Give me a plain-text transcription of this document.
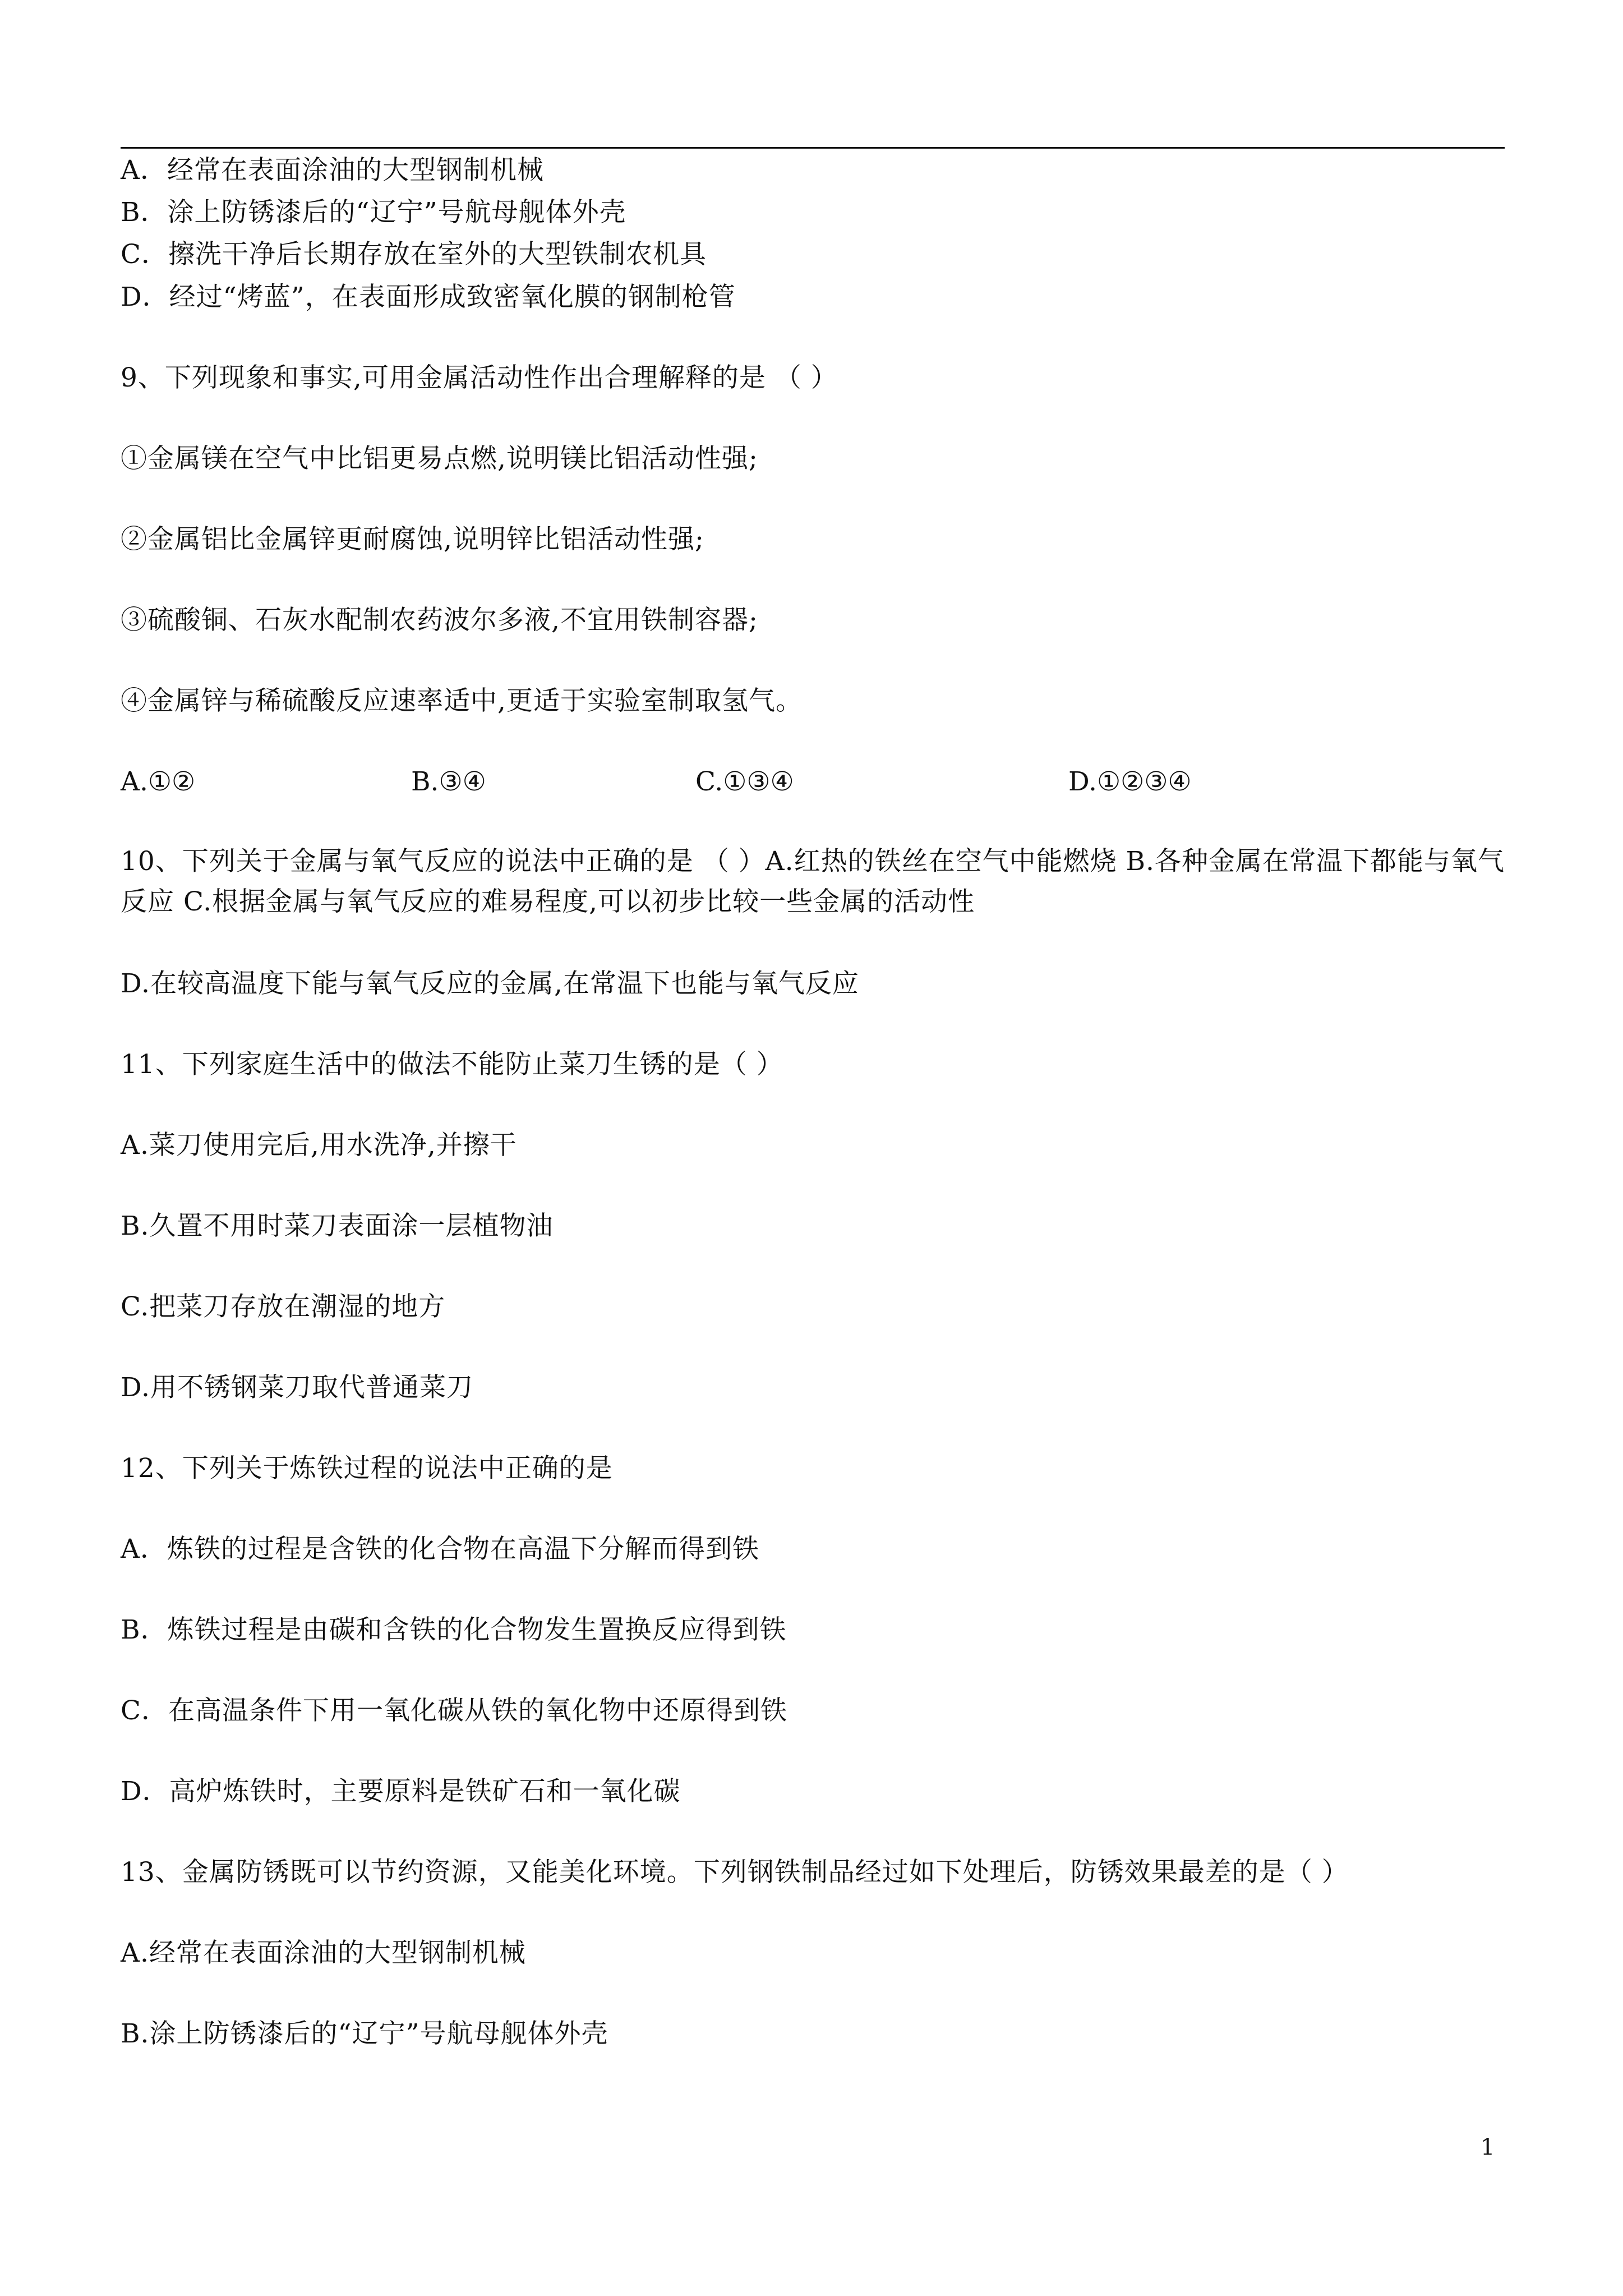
A．经常在表面涂油的大型钢制机械
B．涂上防锈漆后的“辽宁”号航母舰体外壳
C．擦洗干净后长期存放在室外的大型铁制农机具
D．经过“烤蓝”，在表面形成致密氧化膜的钢制枪管
9、下列现象和事实,可用金属活动性作出合理解释的是 （ ）
①金属镁在空气中比铝更易点燃,说明镁比铝活动性强;
②金属铝比金属锌更耐腐蚀,说明锌比铝活动性强;
③硫酸铜、石灰水配制农药波尔多液,不宜用铁制容器;
④金属锌与稀硫酸反应速率适中,更适于实验室制取氢气。
A.①②	B.③④	C.①③④	D.①②③④
10、下列关于金属与氧气反应的说法中正确的是 （ ）A.红热的铁丝在空气中能燃烧 B.各种金属在常温下都能与氧气反应 C.根据金属与氧气反应的难易程度,可以初步比较一些金属的活动性
D.在较高温度下能与氧气反应的金属,在常温下也能与氧气反应
11、下列家庭生活中的做法不能防止菜刀生锈的是（ ）
A.菜刀使用完后,用水洗净,并擦干
B.久置不用时菜刀表面涂一层植物油
C.把菜刀存放在潮湿的地方
D.用不锈钢菜刀取代普通菜刀
12、下列关于炼铁过程的说法中正确的是
A．炼铁的过程是含铁的化合物在高温下分解而得到铁
B．炼铁过程是由碳和含铁的化合物发生置换反应得到铁
C．在高温条件下用一氧化碳从铁的氧化物中还原得到铁
D．高炉炼铁时，主要原料是铁矿石和一氧化碳
13、金属防锈既可以节约资源，又能美化环境。下列钢铁制品经过如下处理后，防锈效果最差的是（ ）
A.经常在表面涂油的大型钢制机械
B.涂上防锈漆后的“辽宁”号航母舰体外壳
1
